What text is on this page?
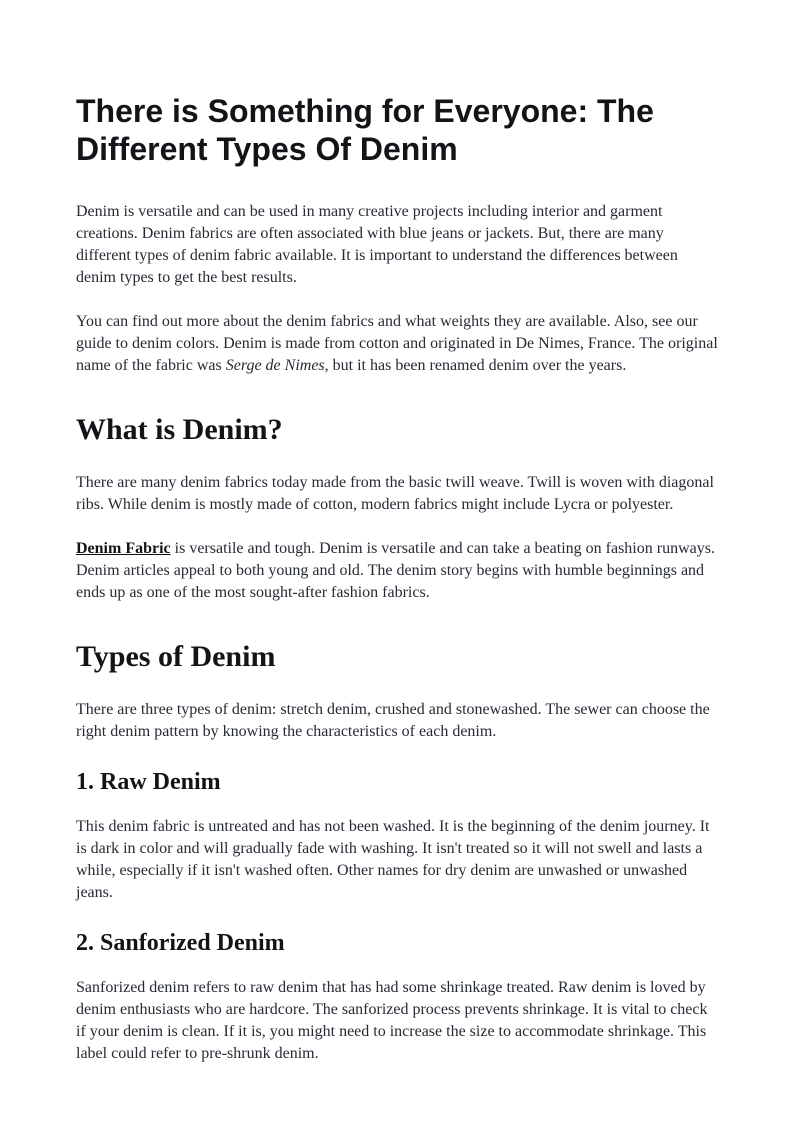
There is Something for Everyone: The Different Types Of Denim

Denim is versatile and can be used in many creative projects including interior and garment creations. Denim fabrics are often associated with blue jeans or jackets. But, there are many different types of denim fabric available. It is important to understand the differences between denim types to get the best results.

You can find out more about the denim fabrics and what weights they are available. Also, see our guide to denim colors. Denim is made from cotton and originated in De Nimes, France. The original name of the fabric was Serge de Nimes, but it has been renamed denim over the years.

What is Denim?

There are many denim fabrics today made from the basic twill weave. Twill is woven with diagonal ribs. While denim is mostly made of cotton, modern fabrics might include Lycra or polyester.

Denim Fabric is versatile and tough. Denim is versatile and can take a beating on fashion runways. Denim articles appeal to both young and old. The denim story begins with humble beginnings and ends up as one of the most sought-after fashion fabrics.

Types of Denim

There are three types of denim: stretch denim, crushed and stonewashed. The sewer can choose the right denim pattern by knowing the characteristics of each denim.

1. Raw Denim

This denim fabric is untreated and has not been washed. It is the beginning of the denim journey. It is dark in color and will gradually fade with washing. It isn't treated so it will not swell and lasts a while, especially if it isn't washed often. Other names for dry denim are unwashed or unwashed jeans.

2. Sanforized Denim

Sanforized denim refers to raw denim that has had some shrinkage treated. Raw denim is loved by denim enthusiasts who are hardcore. The sanforized process prevents shrinkage. It is vital to check if your denim is clean. If it is, you might need to increase the size to accommodate shrinkage. This label could refer to pre-shrunk denim.
